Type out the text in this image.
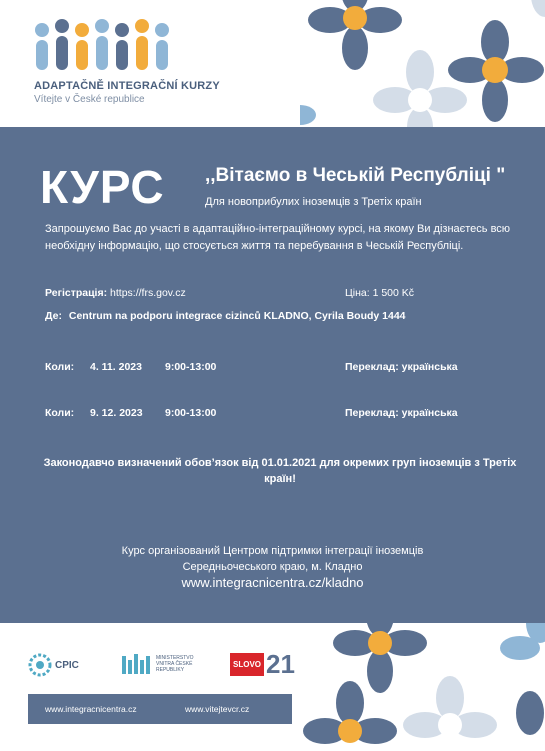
ADAPTAČNĚ INTEGRAČNÍ KURZY
Vítejte v České republice
КУРС ,,Вітаємо в Чеській Республіці "
Для новоприбулих іноземців з Третіх країн
Запрошуємо Вас до участі в адаптаційно-інтеграційному курсі, на якому Ви дізнаєтесь всю необхідну інформацію, що стосується життя та перебування в Чеській Республіці.
Регістрація: https://frs.gov.cz	Ціна: 1 500 Kč
Де: Centrum na podporu integrace cizinců KLADNO, Cyrila Boudy 1444
Коли: 4. 11. 2023 9:00-13:00	Переклад: українська
Коли: 9. 12. 2023 9:00-13:00	Переклад: українська
Законодавчо визначений обов’язок від 01.01.2021 для окремих груп іноземців з Третіх країн!
Курс організований Центром підтримки інтеграції іноземців
Середньочеського краю, м. Кладно
www.integracnicentra.cz/kladno
CPIC
MINISTERSTVO VNITRA ČESKÉ REPUBLIKY
SLOVO 21
www.integracnicentra.cz	www.vitejtevcr.cz
